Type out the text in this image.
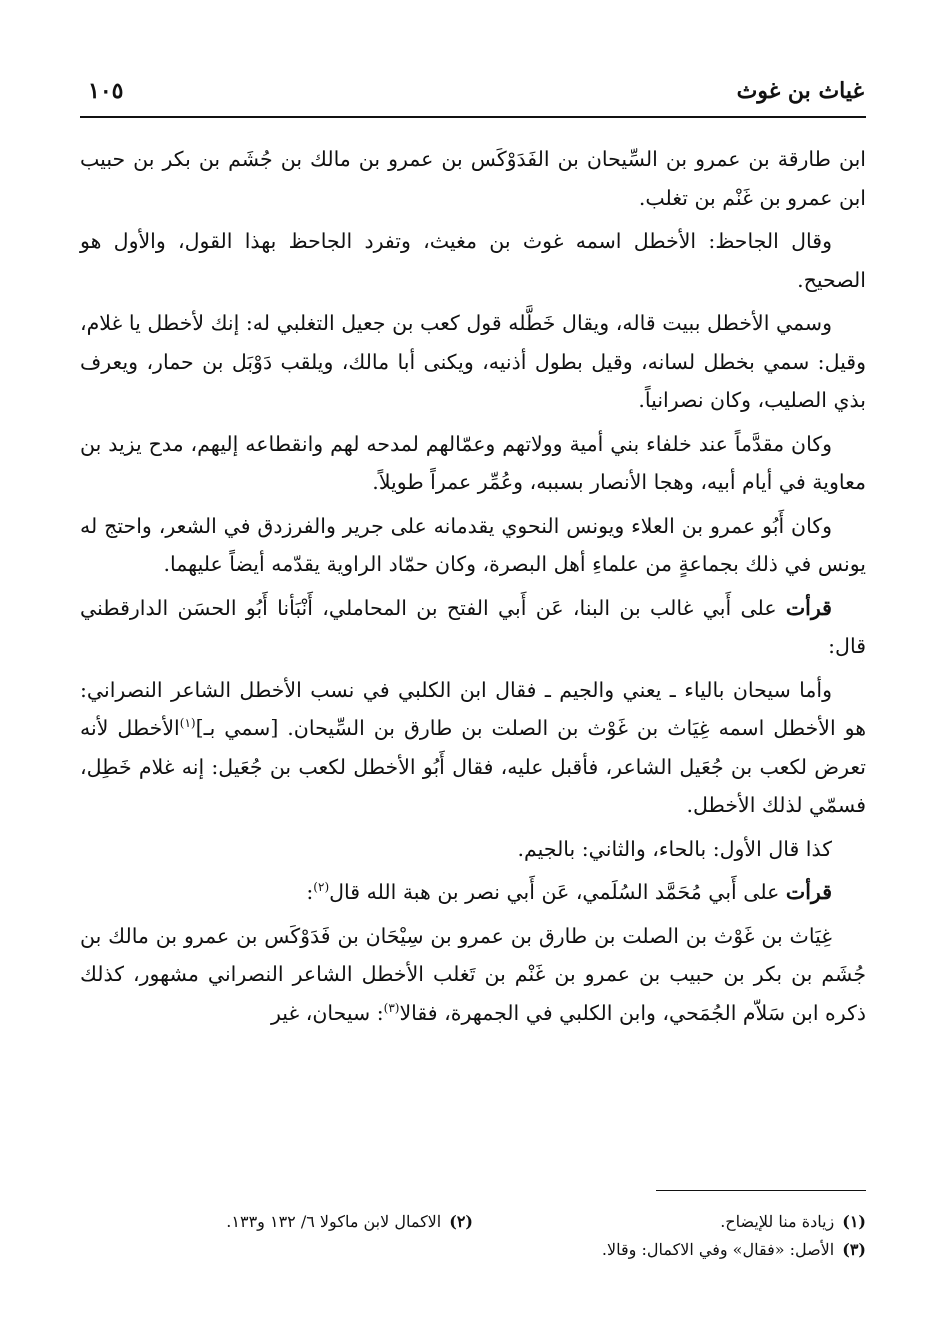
غياث بن غوث
١٠٥

ابن طارقة بن عمرو بن السِّيحان بن الفَدَوْكَس بن عمرو بن مالك بن جُشَم بن بكر بن حبيب ابن عمرو بن غَنْم بن تغلب.

وقال الجاحظ: الأخطل اسمه غوث بن مغيث، وتفرد الجاحظ بهذا القول، والأول هو الصحيح.

وسمي الأخطل ببيت قاله، ويقال خَطَّله قول كعب بن جعيل التغلبي له: إنك لأخطل يا غلام، وقيل: سمي بخطل لسانه، وقيل بطول أذنيه، ويكنى أبا مالك، ويلقب دَوْبَل بن حمار، ويعرف بذي الصليب، وكان نصرانياً.

وكان مقدَّماً عند خلفاء بني أمية وولاتهم وعمّالهم لمدحه لهم وانقطاعه إليهم، مدح يزيد بن معاوية في أيام أبيه، وهجا الأنصار بسببه، وعُمِّر عمراً طويلاً.

وكان أَبُو عمرو بن العلاء ويونس النحوي يقدمانه على جرير والفرزدق في الشعر، واحتج له يونس في ذلك بجماعةٍ من علماءِ أهل البصرة، وكان حمّاد الراوية يقدّمه أيضاً عليهما.

قرأت على أَبي غالب بن البنا، عَن أَبي الفتح بن المحاملي، أَنْبَأنا أَبُو الحسَن الدارقطني قال:

وأما سيحان بالياء ـ يعني والجيم ـ فقال ابن الكلبي في نسب الأخطل الشاعر النصراني: هو الأخطل اسمه غِيَاث بن غَوْث بن الصلت بن طارق بن السِّيحان. [سمي بـ]$^{(١)}$الأخطل لأنه تعرض لكعب بن جُعَيل الشاعر، فأقبل عليه، فقال أَبُو الأخطل لكعب بن جُعَيل: إنه غلام خَطِل، فسمّي لذلك الأخطل.

كذا قال الأول: بالحاء، والثاني: بالجيم.

قرأت على أَبي مُحَمَّد السُلَمي، عَن أَبي نصر بن هبة الله قال$^{(٢)}$:

غِيَاث بن غَوْث بن الصلت بن طارق بن عمرو بن سِيْحَان بن فَدَوْكَس بن عمرو بن مالك بن جُشَم بن بكر بن حبيب بن عمرو بن غَنْم بن تَغلب الأخطل الشاعر النصراني مشهور، كذلك ذكره ابن سَلاّم الجُمَحي، وابن الكلبي في الجمهرة، فقالا$^{(٣)}$: سيحان، غير

(١)زيادة منا للإيضاح.
(٢)الاكمال لابن ماكولا ٦/ ١٣٢ و١٣٣.
(٣)الأصل: «فقال» وفي الاكمال: وقالا.
